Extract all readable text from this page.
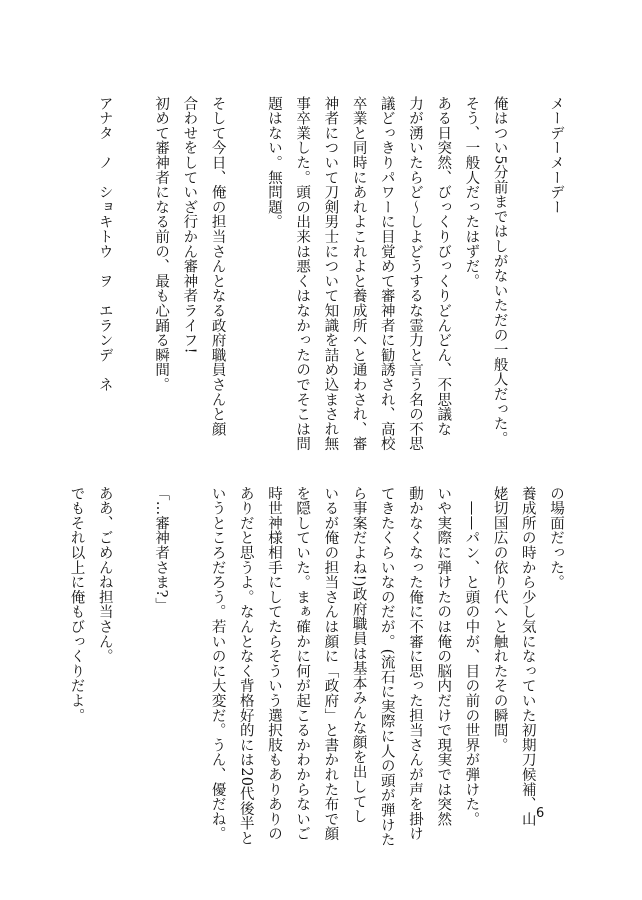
メーデーメーデー

俺はつい5分前まではしがないただの一般人だった。
そう、一般人だったはずだ。
ある日突然、びっくりびっくりどんどん、不思議な
力が湧いたらど〜しよどうするな霊力と言う名の不思
議どっきりパワーに目覚めて審神者に勧誘され、高校
卒業と同時にあれよこれよと養成所へと通わされ、審
神者について刀剣男士について知識を詰め込まされ無
事卒業した。頭の出来は悪くはなかったのでそこは問
題はない。無問題。

そして今日、俺の担当さんとなる政府職員さんと顔
合わせをしていざ行かん審神者ライフ!
初めて審神者になる前の、最も心踊る瞬間。

アナタ　ノ　ショキトウ　ヲ　エランデ　ネ
の場面だった。
養成所の時から少し気になっていた初期刀候補、山
姥切国広の依り代へと触れたその瞬間。
　——パン、と頭の中が、目の前の世界が弾けた。
いや実際に弾けたのは俺の脳内だけで現実では突然
動かなくなった俺に不審に思った担当さんが声を掛け
てきたくらいなのだが。(流石に実際に人の頭が弾けた
ら事案だよね!)政府職員は基本みんな顔を出してし
いるが俺の担当さんは顔に「政府」と書かれた布で顔
を隠していた。まぁ確かに何が起こるかわからないご
時世神様相手にしてたらそういう選択肢もありありの
ありだと思うよ。なんとなく背格好的には20代後半と
いうところだろう。若いのに大変だ。うん、優だね。

「…審神者さま?」

ああ、ごめんね担当さん。
でもそれ以上に俺もびっくりだよ。
6
